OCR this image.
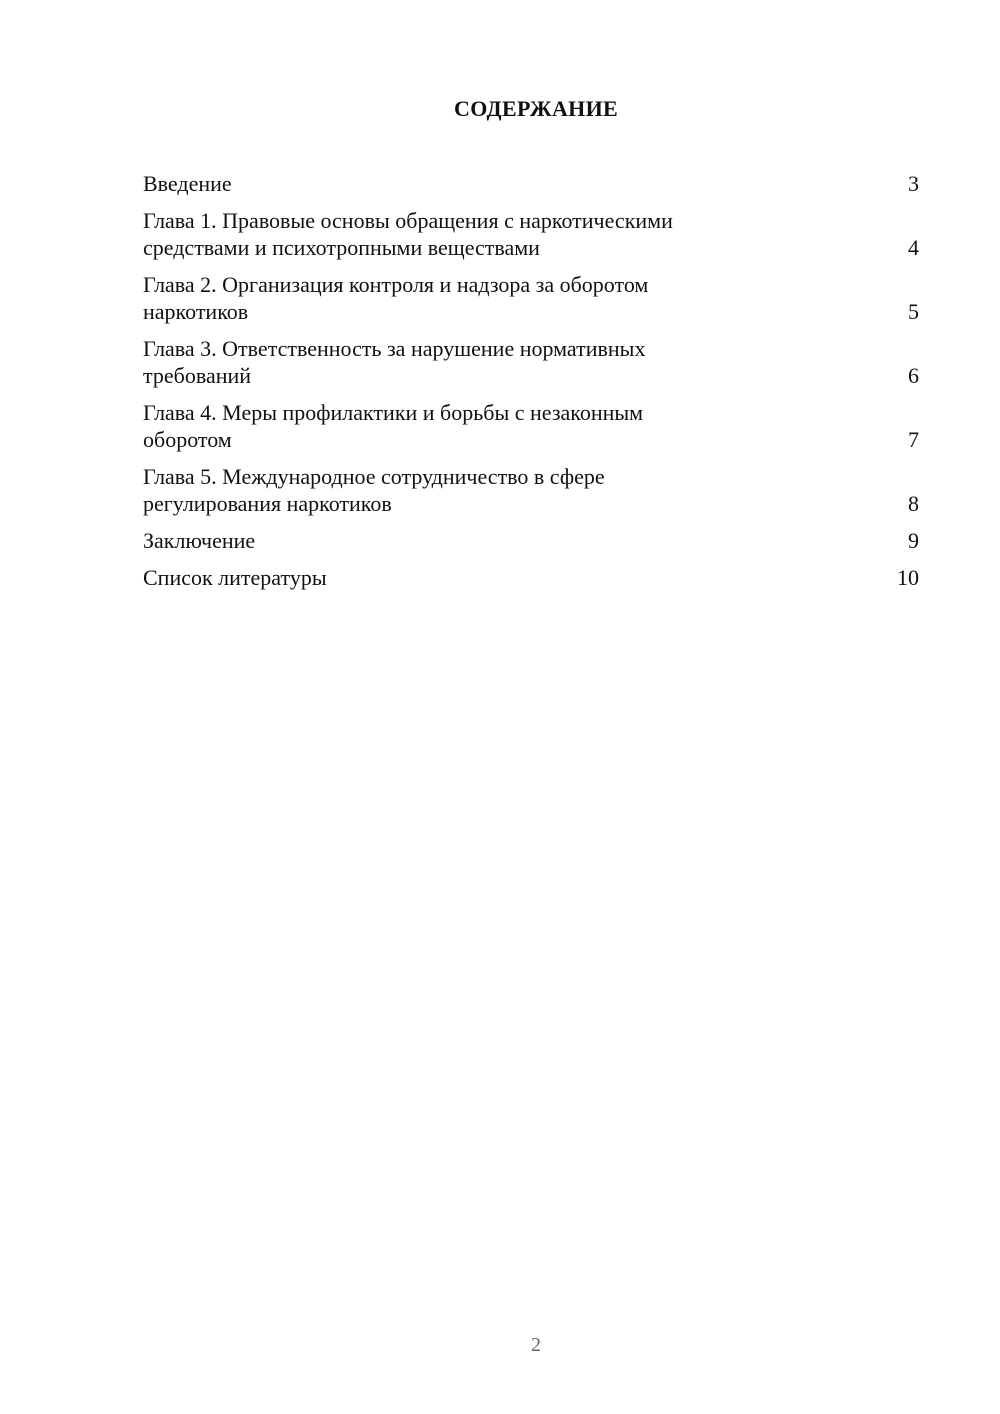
СОДЕРЖАНИЕ
Введение	3
Глава 1. Правовые основы обращения с наркотическими
средствами и психотропными веществами	4
Глава 2. Организация контроля и надзора за оборотом
наркотиков	5
Глава 3. Ответственность за нарушение нормативных
требований	6
Глава 4. Меры профилактики и борьбы с незаконным
оборотом	7
Глава 5. Международное сотрудничество в сфере
регулирования наркотиков	8
Заключение	9
Список литературы	10
2
